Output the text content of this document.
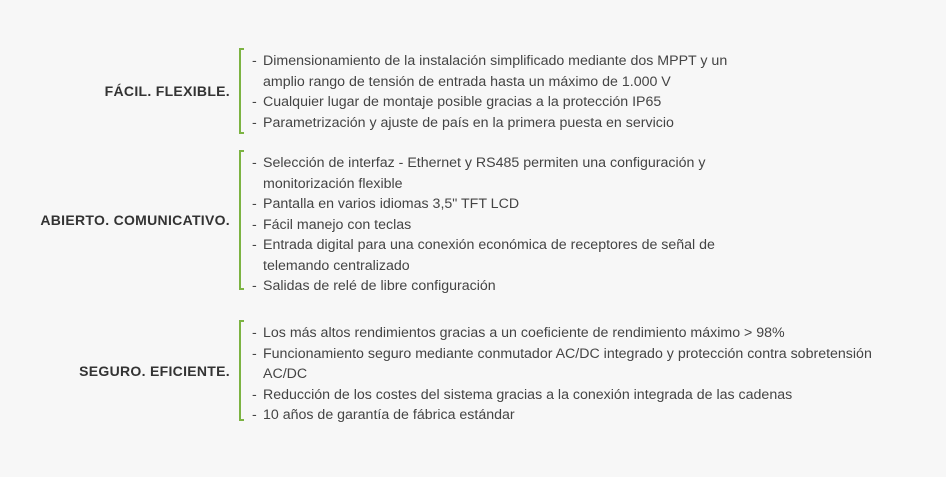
FÁCIL. FLEXIBLE.
- Dimensionamiento de la instalación simplificado mediante dos MPPT y un
amplio rango de tensión de entrada hasta un máximo de 1.000 V
- Cualquier lugar de montaje posible gracias a la protección IP65
- Parametrización y ajuste de país en la primera puesta en servicio
ABIERTO. COMUNICATIVO.
- Selección de interfaz - Ethernet y RS485 permiten una configuración y
monitorización flexible
- Pantalla en varios idiomas 3,5" TFT LCD
- Fácil manejo con teclas
- Entrada digital para una conexión económica de receptores de señal de
telemando centralizado
- Salidas de relé de libre configuración
SEGURO. EFICIENTE.
- Los más altos rendimientos gracias a un coeficiente de rendimiento máximo > 98%
- Funcionamiento seguro mediante conmutador AC/DC integrado y protección contra sobretensión
AC/DC
- Reducción de los costes del sistema gracias a la conexión integrada de las cadenas
- 10 años de garantía de fábrica estándar
